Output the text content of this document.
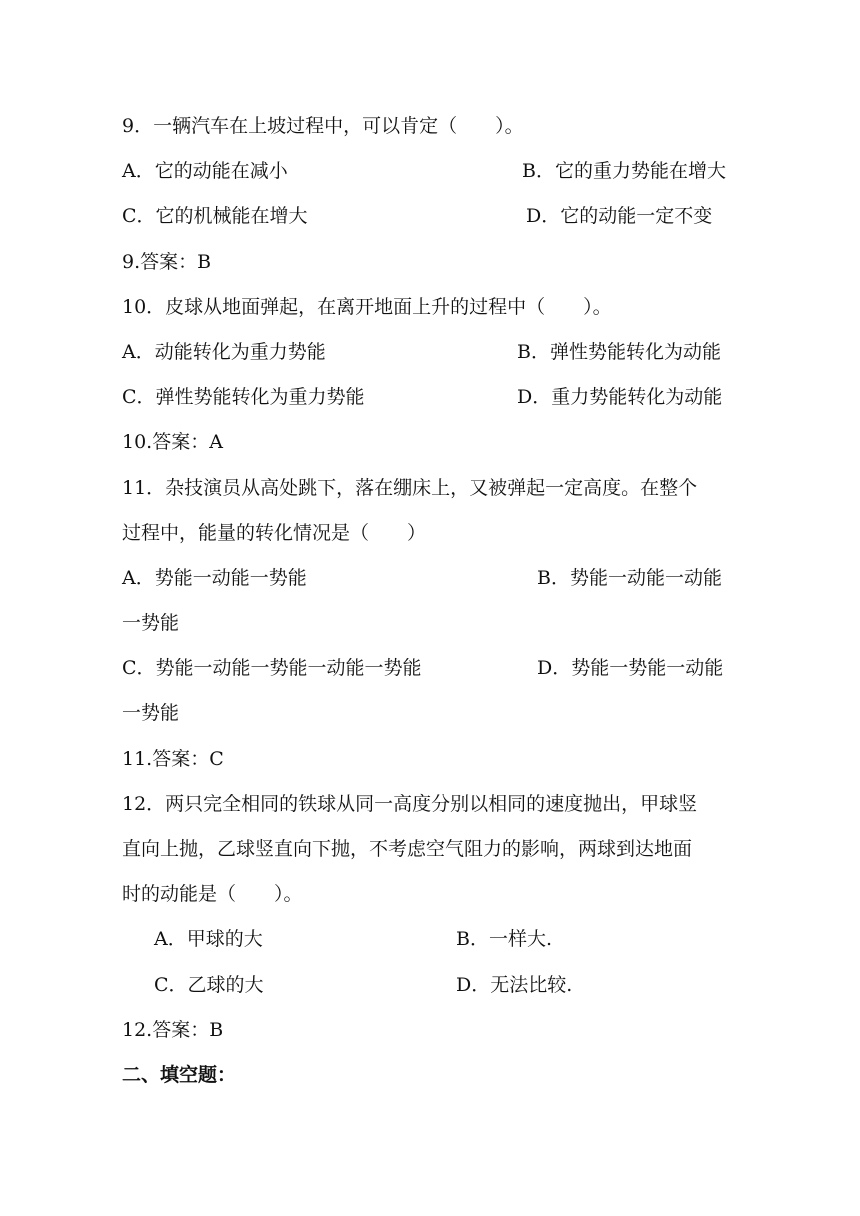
9．一辆汽车在上坡过程中，可以肯定（　　）。
A．它的动能在减小	B．它的重力势能在增大
C．它的机械能在增大	D．它的动能一定不变
9.答案：B
10．皮球从地面弹起，在离开地面上升的过程中（　　）。
A．动能转化为重力势能	B．弹性势能转化为动能
C．弹性势能转化为重力势能	D．重力势能转化为动能
10.答案：A
11．杂技演员从高处跳下，落在绷床上，又被弹起一定高度。在整个
过程中，能量的转化情况是（　　）
A．势能一动能一势能	B．势能一动能一动能
一势能
C．势能一动能一势能一动能一势能	D．势能一势能一动能
一势能
11.答案：C
12．两只完全相同的铁球从同一高度分别以相同的速度抛出，甲球竖
直向上抛，乙球竖直向下抛，不考虑空气阻力的影响，两球到达地面
时的动能是（　　）。
A．甲球的大	B．一样大.
C．乙球的大	D．无法比较.
12.答案：B
二、填空题：
